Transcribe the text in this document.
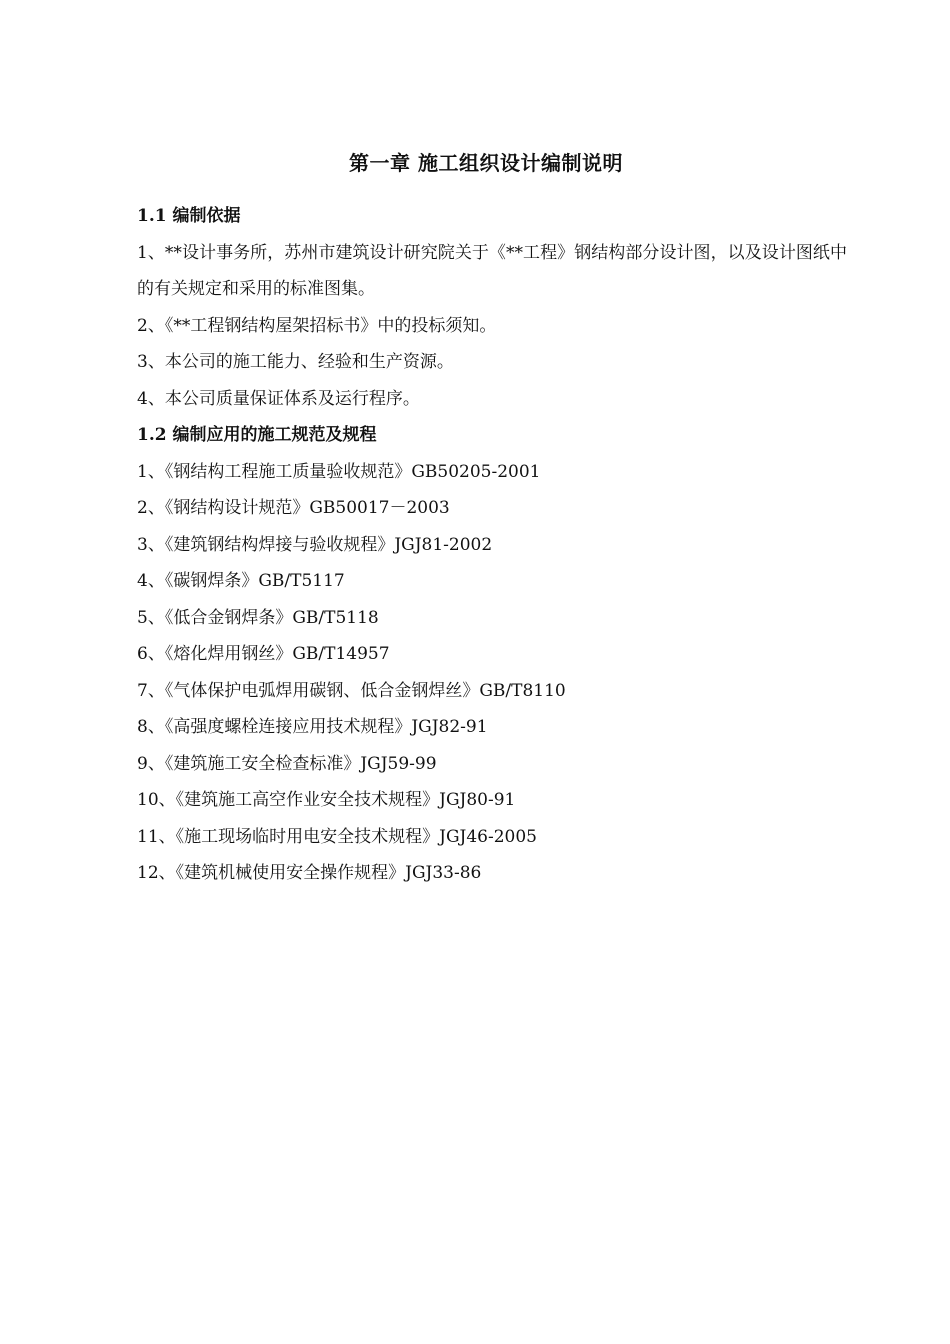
第一章 施工组织设计编制说明
1.1 编制依据

1、**设计事务所，苏州市建筑设计研究院关于《**工程》钢结构部分设计图，以及设计图纸中的有关规定和采用的标准图集。

2、《**工程钢结构屋架招标书》中的投标须知。

3、本公司的施工能力、经验和生产资源。

4、本公司质量保证体系及运行程序。

1.2 编制应用的施工规范及规程
1、《钢结构工程施工质量验收规范》GB50205-2001
2、《钢结构设计规范》GB50017－2003
3、《建筑钢结构焊接与验收规程》JGJ81-2002
4、《碳钢焊条》GB/T5117
5、《低合金钢焊条》GB/T5118
6、《熔化焊用钢丝》GB/T14957
7、《气体保护电弧焊用碳钢、低合金钢焊丝》GB/T8110
8、《高强度螺栓连接应用技术规程》JGJ82-91
9、《建筑施工安全检查标准》JGJ59-99
10、《建筑施工高空作业安全技术规程》JGJ80-91
11、《施工现场临时用电安全技术规程》JGJ46-2005
12、《建筑机械使用安全操作规程》JGJ33-86
